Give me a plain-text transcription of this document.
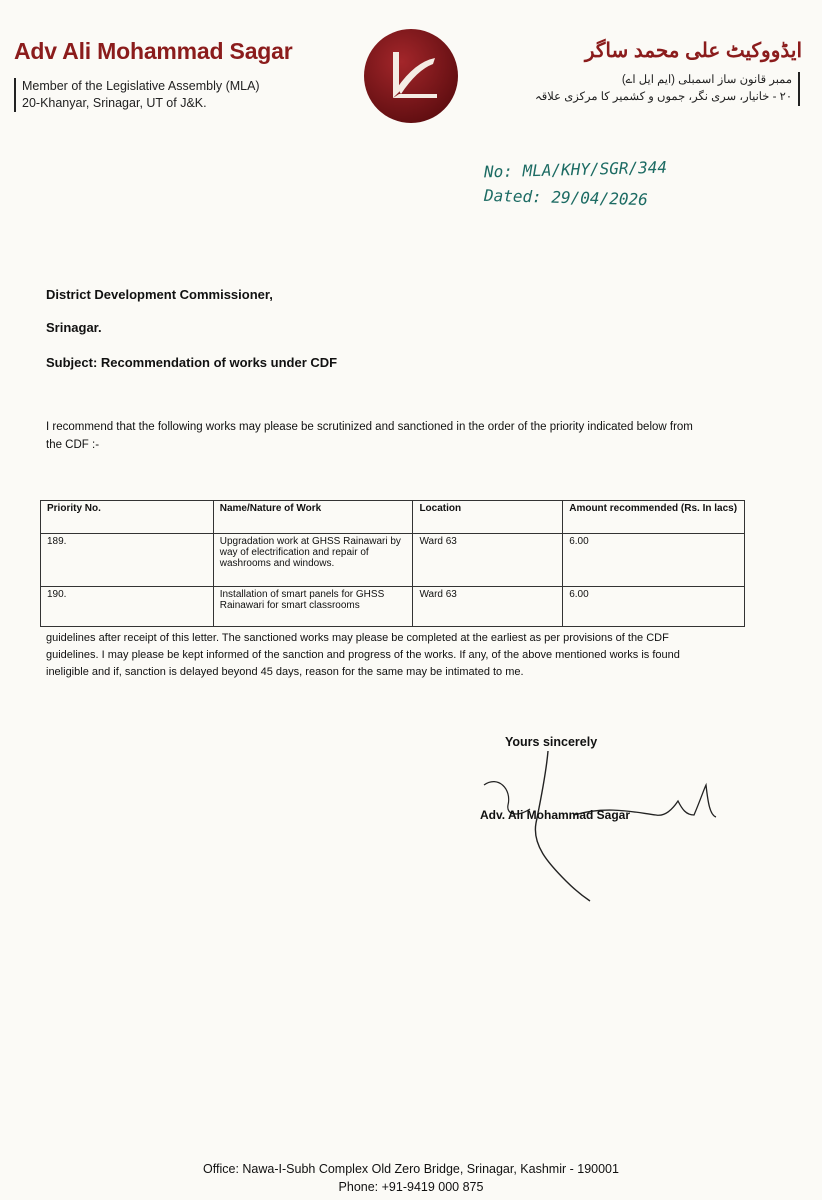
Adv Ali Mohammad Sagar
Member of the Legislative Assembly (MLA)
20-Khanyar, Srinagar, UT of J&K.
ایڈووکیٹ علی محمد ساگر
ممبر قانون ساز اسمبلی (ایم ایل اے)
۲۰ - خانیار، سری نگر، جموں و کشمیر کا مرکزی علاقہ
No: MLA/KHY/SGR/344
Dated: 29/04/2026
District Development Commissioner,
Srinagar.
Subject: Recommendation of works under CDF
I recommend that the following works may please be scrutinized and sanctioned in the order of the priority indicated below from the CDF :-
Priority No.	Name/Nature of Work	Location	Amount recommended (Rs. In lacs)
189.	Upgradation work at GHSS Rainawari by way of electrification and repair of washrooms and windows.	Ward 63	6.00
190.	Installation of smart panels for GHSS Rainawari for smart classrooms	Ward 63	6.00
guidelines after receipt of this letter. The sanctioned works may please be completed at the earliest as per provisions of the CDF guidelines. I may please be kept informed of the sanction and progress of the works. If any, of the above mentioned works is found ineligible and if, sanction is delayed beyond 45 days, reason for the same may be intimated to me.
Yours sincerely
Adv. Ali Mohammad Sagar
Office: Nawa-I-Subh Complex Old Zero Bridge, Srinagar, Kashmir - 190001
Phone: +91-9419 000 875
